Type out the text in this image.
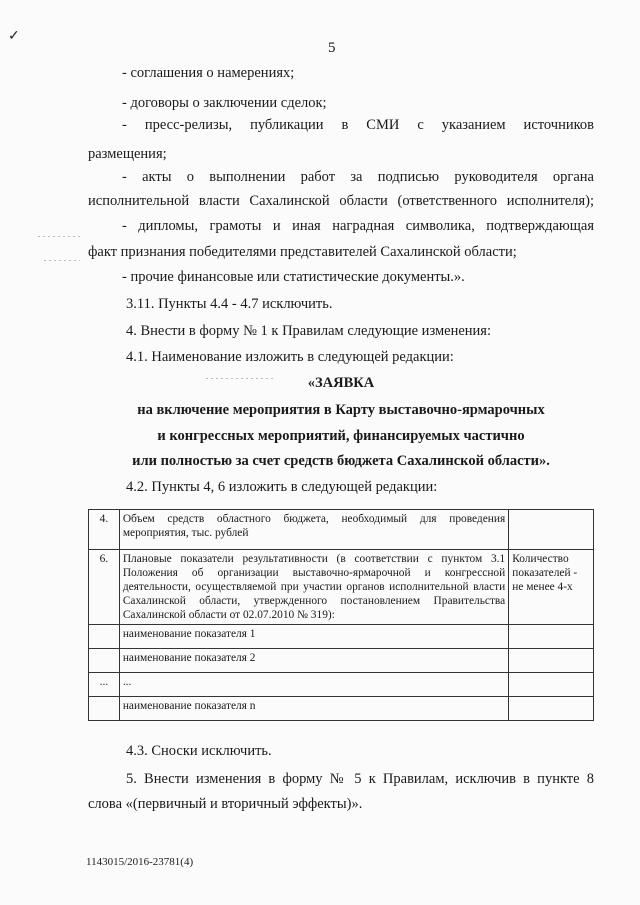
✓
5
- соглашения о намерениях;
- договоры о заключении сделок;
- пресс-релизы, публикации в СМИ с указанием источников
размещения;
- акты о выполнении работ за подписью руководителя органа
исполнительной власти Сахалинской области (ответственного исполнителя);
- дипломы, грамоты и иная наградная символика, подтверждающая
факт признания победителями представителей Сахалинской области;
- прочие финансовые или статистические документы.».
3.11. Пункты 4.4 - 4.7 исключить.
4. Внести в форму № 1 к Правилам следующие изменения:
4.1. Наименование изложить в следующей редакции:
«ЗАЯВКА
на включение мероприятия в Карту выставочно-ярмарочных
и конгрессных мероприятий, финансируемых частично
или полностью за счет средств бюджета Сахалинской области».
4.2. Пункты 4, 6 изложить в следующей редакции:
4.	Объем средств областного бюджета, необходимый для проведения мероприятия, тыс. рублей	
6.	Плановые показатели результативности (в соответствии с пунктом 3.1 Положения об организации выставочно-ярмарочной и конгрессной деятельности, осуществляемой при участии органов исполнительной власти Сахалинской области, утвержденного постановлением Правительства Сахалинской области от 02.07.2010 № 319):	Количество показателей - не менее 4-х
	наименование показателя 1	
	наименование показателя 2	
...	...	
	наименование показателя n	
4.3. Сноски исключить.
5. Внести изменения в форму № 5 к Правилам, исключив в пункте 8
слова «(первичный и вторичный эффекты)».
1143015/2016-23781(4)
